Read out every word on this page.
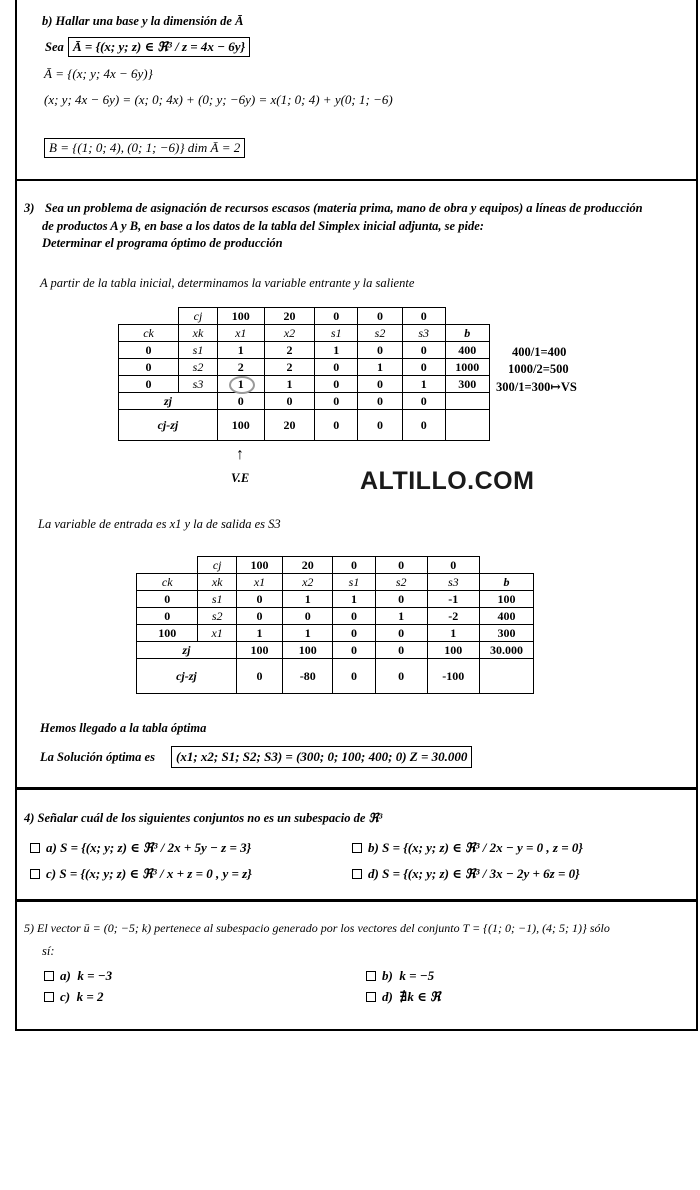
b) Hallar una base y la dimensión de Ā
Sea Ā = {(x; y; z) ∈ ℜ³ / z = 4x − 6y}
Ā = {(x; y; 4x − 6y)}
(x; y; 4x − 6y) = (x; 0; 4x) + (0; y; −6y) = x(1; 0; 4) + y(0; 1; −6)
B = {(1; 0; 4), (0; 1; −6)} dim Ā = 2
3) Sea un problema de asignación de recursos escasos (materia prima, mano de obra y equipos) a líneas de producción
de productos A y B, en base a los datos de la tabla del Simplex inicial adjunta, se pide:
Determinar el programa óptimo de producción
A partir de la tabla inicial, determinamos la variable entrante y la saliente
	cj	100	20	0	0	0	
ck	xk	x1	x2	s1	s2	s3	b
0	s1	1	2	1	0	0	400
0	s2	2	2	0	1	0	1000
0	s3	1	1	0	0	1	300
zj		0	0	0	0	0	
cj-zj		100	20	0	0	0	
400/1=400
1000/2=500
300/1=300↦VS
↑
V.E	ALTILLO.COM
La variable de entrada es x1 y la de salida es S3
	cj	100	20	0	0	0	
ck	xk	x1	x2	s1	s2	s3	b
0	s1	0	1	1	0	-1	100
0	s2	0	0	0	1	-2	400
100	x1	1	1	0	0	1	300
zj		100	100	0	0	100	30.000
cj-zj		0	-80	0	0	-100	
Hemos llegado a la tabla óptima
La Solución óptima es	(x1; x2; S1; S2; S3) = (300; 0; 100; 400; 0) Z = 30.000
4) Señalar cuál de los siguientes conjuntos no es un subespacio de ℜ³
a) S = {(x; y; z) ∈ ℜ³ / 2x + 5y − z = 3}	b) S = {(x; y; z) ∈ ℜ³ / 2x − y = 0 , z = 0}
c) S = {(x; y; z) ∈ ℜ³ / x + z = 0 , y = z}	d) S = {(x; y; z) ∈ ℜ³ / 3x − 2y + 6z = 0}
5) El vector ū = (0; −5; k) pertenece al subespacio generado por los vectores del conjunto T = {(1; 0; −1), (4; 5; 1)} sólo
sí:
a) k = −3	b) k = −5
c) k = 2	d) ∄k ∈ ℜ
